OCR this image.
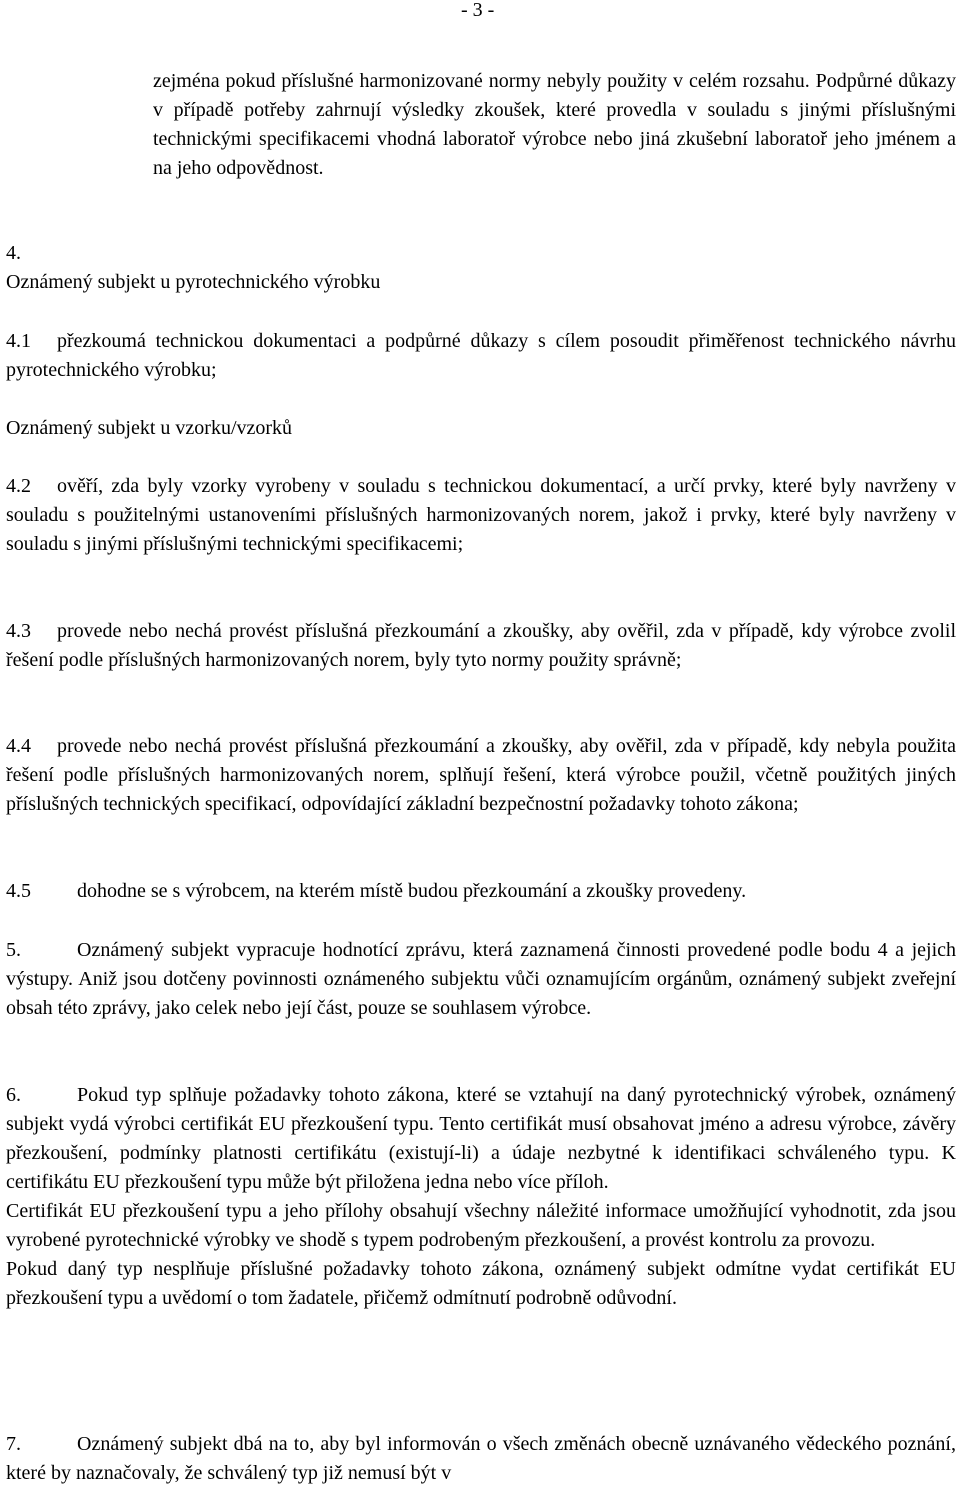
- 3 -
zejména pokud příslušné harmonizované normy nebyly použity v celém rozsahu. Podpůrné důkazy v případě potřeby zahrnují výsledky zkoušek, které provedla v souladu s jinými příslušnými technickými specifikacemi vhodná laboratoř výrobce nebo jiná zkušební laboratoř jeho jménem a na jeho odpovědnost.
4.
Oznámený subjekt u pyrotechnického výrobku
4.1 přezkoumá technickou dokumentaci a podpůrné důkazy s cílem posoudit přiměřenost technického návrhu pyrotechnického výrobku;
Oznámený subjekt u vzorku/vzorků
4.2 ověří, zda byly vzorky vyrobeny v souladu s technickou dokumentací, a určí prvky, které byly navrženy v souladu s použitelnými ustanoveními příslušných harmonizovaných norem, jakož i prvky, které byly navrženy v souladu s jinými příslušnými technickými specifikacemi;
4.3 provede nebo nechá provést příslušná přezkoumání a zkoušky, aby ověřil, zda v případě, kdy výrobce zvolil řešení podle příslušných harmonizovaných norem, byly tyto normy použity správně;
4.4 provede nebo nechá provést příslušná přezkoumání a zkoušky, aby ověřil, zda v případě, kdy nebyla použita řešení podle příslušných harmonizovaných norem, splňují řešení, která výrobce použil, včetně použitých jiných příslušných technických specifikací, odpovídající základní bezpečnostní požadavky tohoto zákona;
4.5 dohodne se s výrobcem, na kterém místě budou přezkoumání a zkoušky provedeny.
5.	Oznámený subjekt vypracuje hodnotící zprávu, která zaznamená činnosti provedené podle bodu 4 a jejich výstupy. Aniž jsou dotčeny povinnosti oznámeného subjektu vůči oznamujícím orgánům, oznámený subjekt zveřejní obsah této zprávy, jako celek nebo její část, pouze se souhlasem výrobce.
6.	Pokud typ splňuje požadavky tohoto zákona, které se vztahují na daný pyrotechnický výrobek, oznámený subjekt vydá výrobci certifikát EU přezkoušení typu. Tento certifikát musí obsahovat jméno a adresu výrobce, závěry přezkoušení, podmínky platnosti certifikátu (existují-li) a údaje nezbytné k identifikaci schváleného typu. K certifikátu EU přezkoušení typu může být přiložena jedna nebo více příloh.
Certifikát EU přezkoušení typu a jeho přílohy obsahují všechny náležité informace umožňující vyhodnotit, zda jsou vyrobené pyrotechnické výrobky ve shodě s typem podrobeným přezkoušení, a provést kontrolu za provozu.
Pokud daný typ nesplňuje příslušné požadavky tohoto zákona, oznámený subjekt odmítne vydat certifikát EU přezkoušení typu a uvědomí o tom žadatele, přičemž odmítnutí podrobně odůvodní.
7.	Oznámený subjekt dbá na to, aby byl informován o všech změnách obecně uznávaného vědeckého poznání, které by naznačovaly, že schválený typ již nemusí být v
